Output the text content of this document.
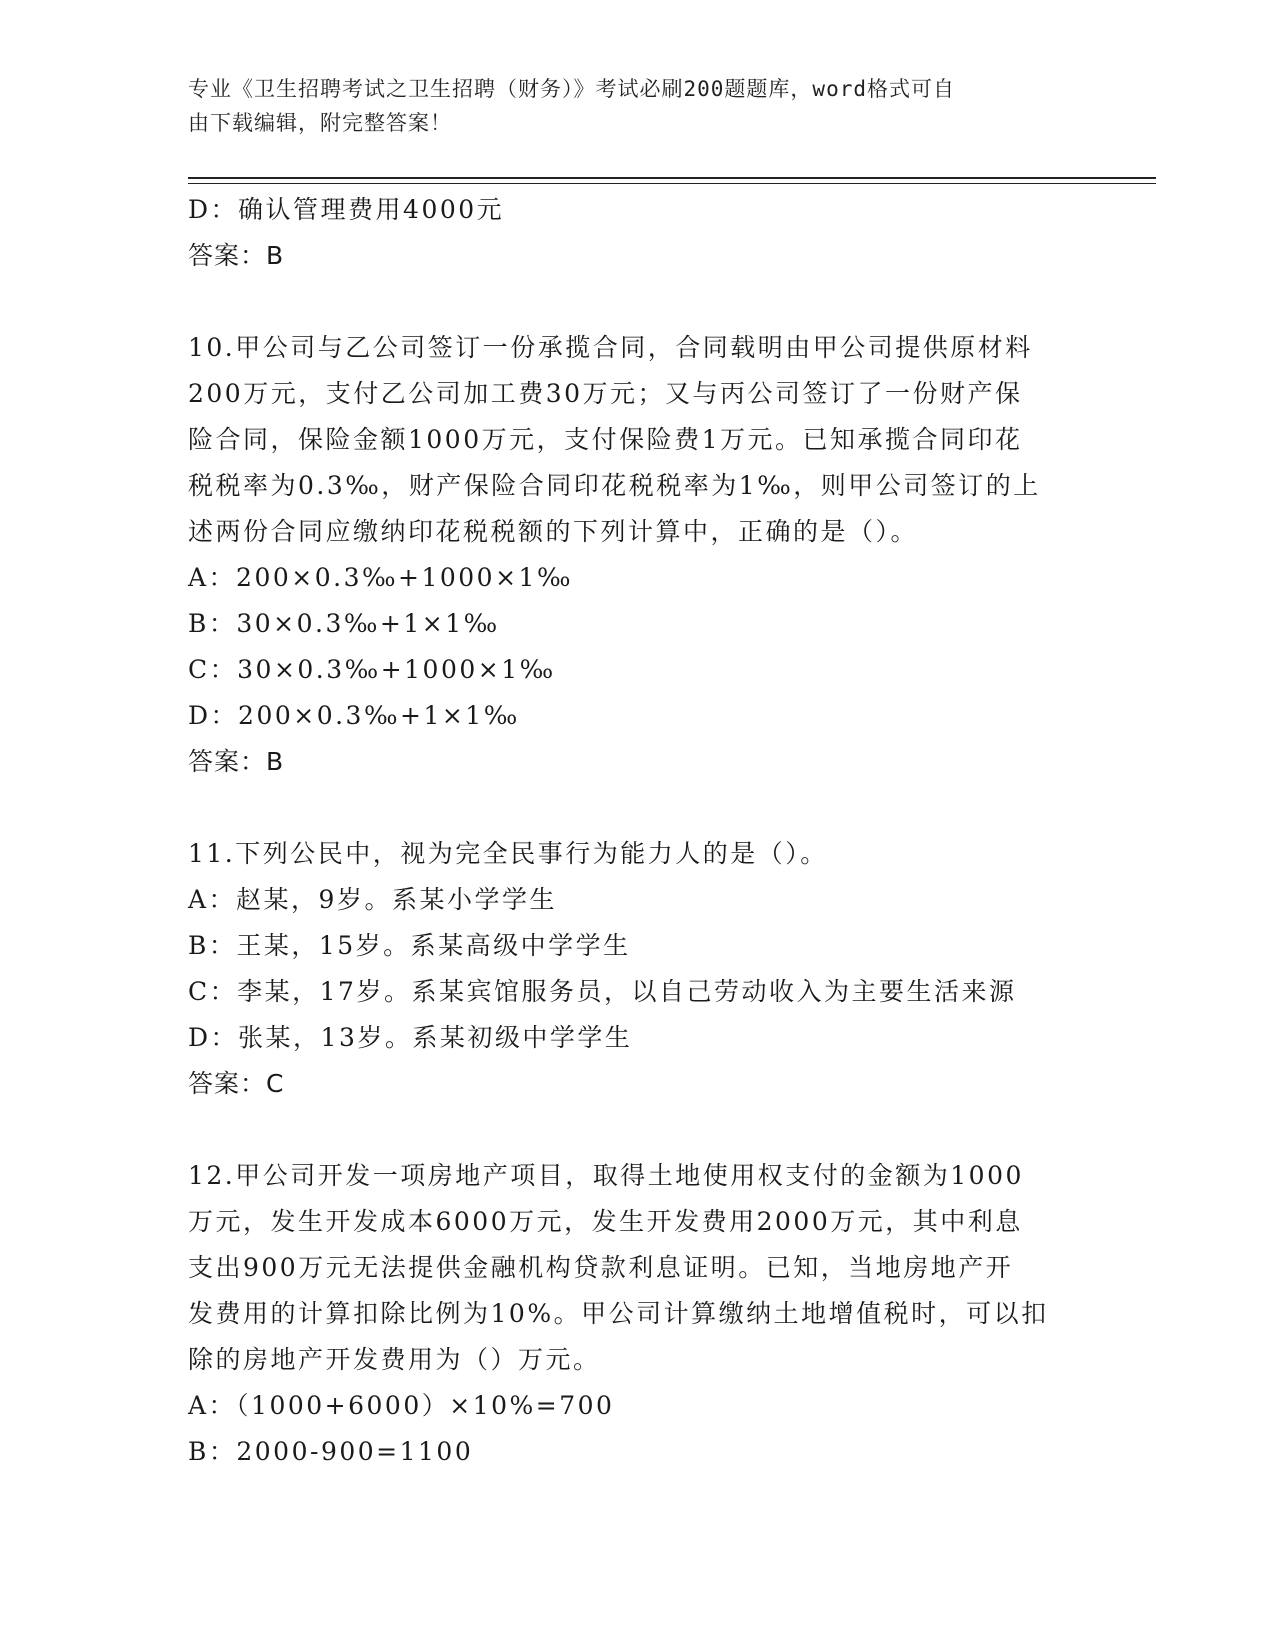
专业《卫生招聘考试之卫生招聘（财务）》考试必刷200题题库，word格式可自
由下载编辑，附完整答案！

D：确认管理费用4000元

答案：B

10.甲公司与乙公司签订一份承揽合同，合同载明由甲公司提供原材料

200万元，支付乙公司加工费30万元；又与丙公司签订了一份财产保

险合同，保险金额1000万元，支付保险费1万元。已知承揽合同印花

税税率为0.3‰，财产保险合同印花税税率为1‰，则甲公司签订的上

述两份合同应缴纳印花税税额的下列计算中，正确的是（）。

A：200×0.3‰+1000×1‰

B：30×0.3‰+1×1‰

C：30×0.3‰+1000×1‰

D：200×0.3‰+1×1‰

答案：B

11.下列公民中，视为完全民事行为能力人的是（）。

A：赵某，9岁。系某小学学生

B：王某，15岁。系某高级中学学生

C：李某，17岁。系某宾馆服务员，以自己劳动收入为主要生活来源

D：张某，13岁。系某初级中学学生

答案：C

12.甲公司开发一项房地产项目，取得土地使用权支付的金额为1000

万元，发生开发成本6000万元，发生开发费用2000万元，其中利息

支出900万元无法提供金融机构贷款利息证明。已知，当地房地产开

发费用的计算扣除比例为10%。甲公司计算缴纳土地增值税时，可以扣

除的房地产开发费用为（）万元。

A：（1000+6000）×10%=700

B：2000-900=1100
